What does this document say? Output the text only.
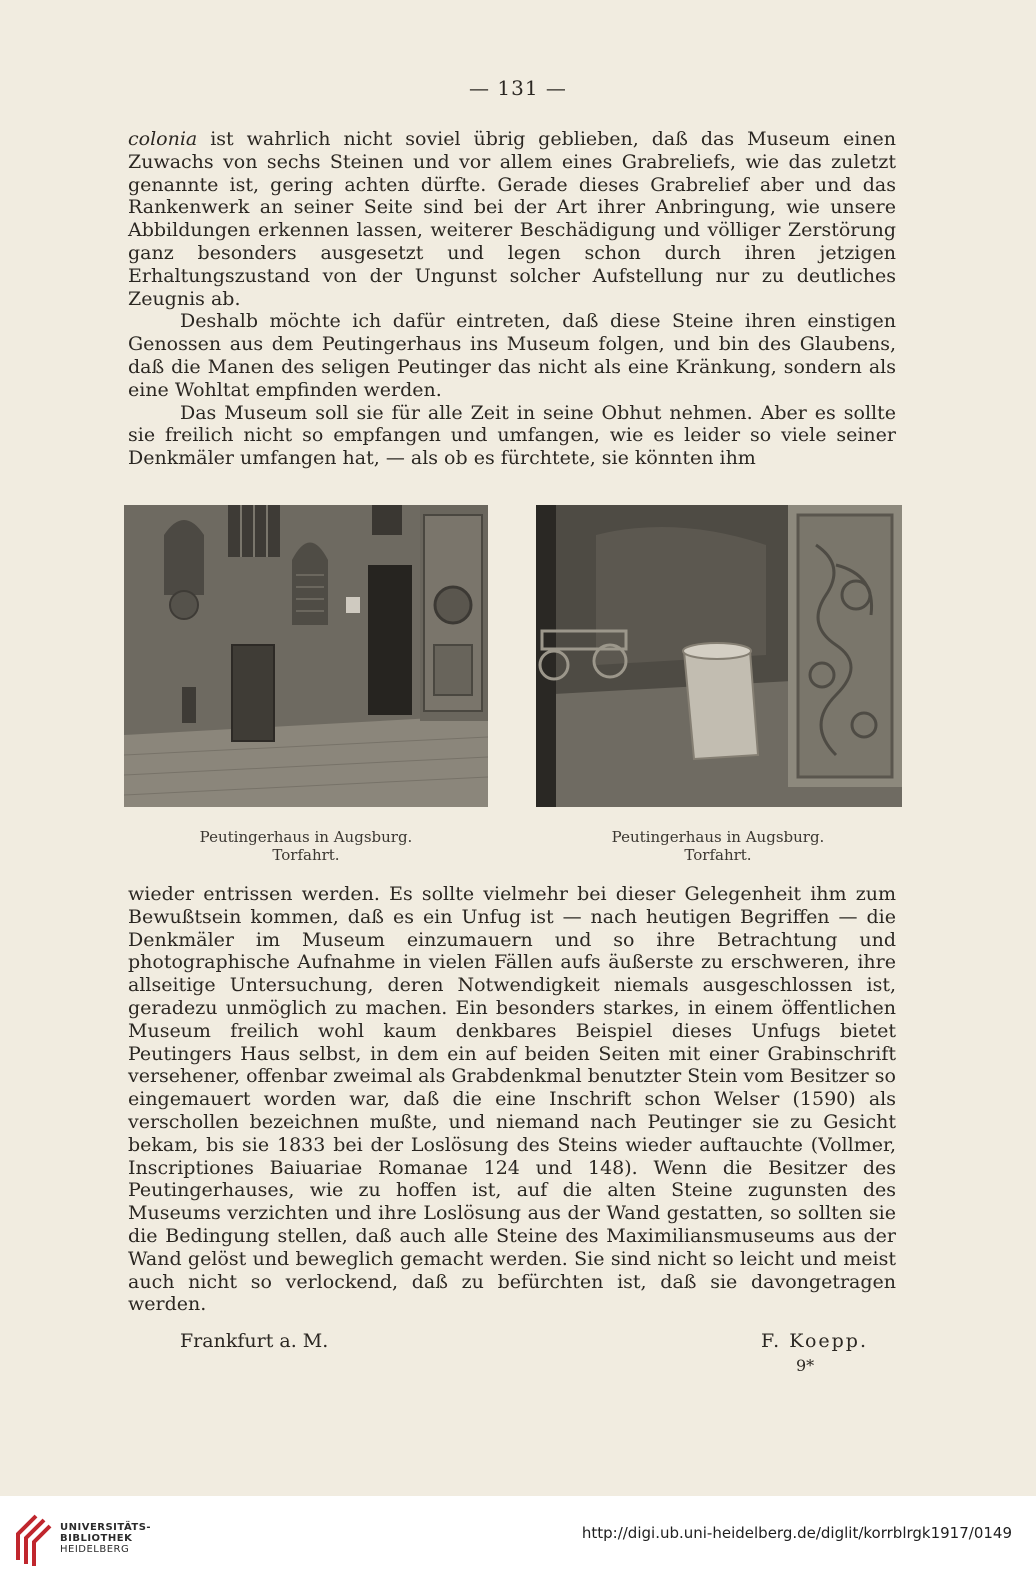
— 131 —

colonia ist wahrlich nicht soviel übrig geblieben, daß das Museum einen Zuwachs von sechs Steinen und vor allem eines Grabreliefs, wie das zuletzt genannte ist, gering achten dürfte. Gerade dieses Grabrelief aber und das Rankenwerk an seiner Seite sind bei der Art ihrer Anbringung, wie unsere Abbildungen erkennen lassen, weiterer Beschädigung und völliger Zerstörung ganz besonders ausgesetzt und legen schon durch ihren jetzigen Erhaltungszustand von der Ungunst solcher Aufstellung nur zu deutliches Zeugnis ab.

Deshalb möchte ich dafür eintreten, daß diese Steine ihren einstigen Genossen aus dem Peutingerhaus ins Museum folgen, und bin des Glaubens, daß die Manen des seligen Peutinger das nicht als eine Kränkung, sondern als eine Wohltat empfinden werden.

Das Museum soll sie für alle Zeit in seine Obhut nehmen. Aber es sollte sie freilich nicht so empfangen und umfangen, wie es leider so viele seiner Denkmäler umfangen hat, — als ob es fürchtete, sie könnten ihm

Peutingerhaus in Augsburg.
Torfahrt.
Peutingerhaus in Augsburg.
Torfahrt.

wieder entrissen werden. Es sollte vielmehr bei dieser Gelegenheit ihm zum Bewußtsein kommen, daß es ein Unfug ist — nach heutigen Begriffen — die Denkmäler im Museum einzumauern und so ihre Betrachtung und photographische Aufnahme in vielen Fällen aufs äußerste zu erschweren, ihre allseitige Untersuchung, deren Notwendigkeit niemals ausgeschlossen ist, geradezu unmöglich zu machen. Ein besonders starkes, in einem öffentlichen Museum freilich wohl kaum denkbares Beispiel dieses Unfugs bietet Peutingers Haus selbst, in dem ein auf beiden Seiten mit einer Grabinschrift versehener, offenbar zweimal als Grabdenkmal benutzter Stein vom Besitzer so eingemauert worden war, daß die eine Inschrift schon Welser (1590) als verschollen bezeichnen mußte, und niemand nach Peutinger sie zu Gesicht bekam, bis sie 1833 bei der Loslösung des Steins wieder auftauchte (Vollmer, Inscriptiones Baiuariae Romanae 124 und 148). Wenn die Besitzer des Peutingerhauses, wie zu hoffen ist, auf die alten Steine zugunsten des Museums verzichten und ihre Loslösung aus der Wand gestatten, so sollten sie die Bedingung stellen, daß auch alle Steine des Maximiliansmuseums aus der Wand gelöst und beweglich gemacht werden. Sie sind nicht so leicht und meist auch nicht so verlockend, daß zu befürchten ist, daß sie davongetragen werden.

Frankfurt a. M.	F. Koepp.
9*
UNIVERSITÄTS-
BIBLIOTHEK
HEIDELBERG
http://digi.ub.uni-heidelberg.de/diglit/korrblrgk1917/0149
